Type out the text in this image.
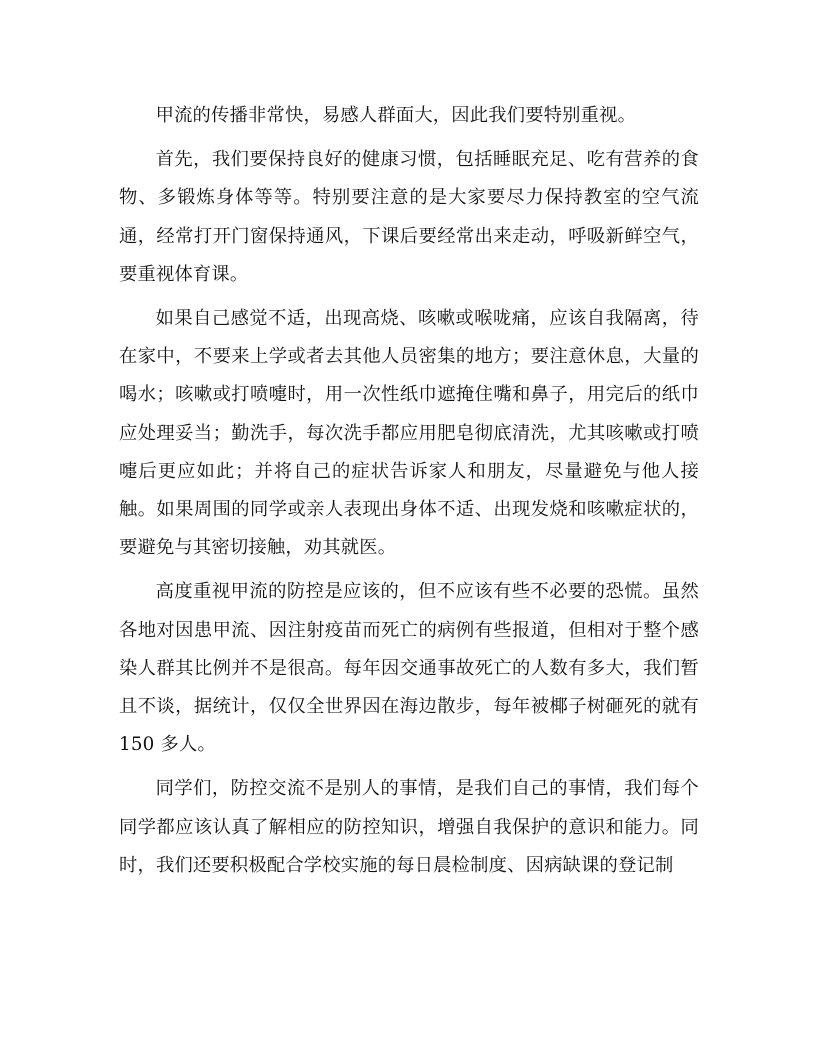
甲流的传播非常快，易感人群面大，因此我们要特别重视。

首先，我们要保持良好的健康习惯，包括睡眠充足、吃有营养的食物、多锻炼身体等等。特别要注意的是大家要尽力保持教室的空气流通，经常打开门窗保持通风，下课后要经常出来走动，呼吸新鲜空气，要重视体育课。

如果自己感觉不适，出现高烧、咳嗽或喉咙痛，应该自我隔离，待在家中，不要来上学或者去其他人员密集的地方；要注意休息，大量的喝水；咳嗽或打喷嚏时，用一次性纸巾遮掩住嘴和鼻子，用完后的纸巾应处理妥当；勤洗手，每次洗手都应用肥皂彻底清洗，尤其咳嗽或打喷嚏后更应如此；并将自己的症状告诉家人和朋友，尽量避免与他人接触。如果周围的同学或亲人表现出身体不适、出现发烧和咳嗽症状的，要避免与其密切接触，劝其就医。

高度重视甲流的防控是应该的，但不应该有些不必要的恐慌。虽然各地对因患甲流、因注射疫苗而死亡的病例有些报道，但相对于整个感染人群其比例并不是很高。每年因交通事故死亡的人数有多大，我们暂且不谈，据统计，仅仅全世界因在海边散步，每年被椰子树砸死的就有 150 多人。

同学们，防控交流不是别人的事情，是我们自己的事情，我们每个同学都应该认真了解相应的防控知识，增强自我保护的意识和能力。同时，我们还要积极配合学校实施的每日晨检制度、因病缺课的登记制
